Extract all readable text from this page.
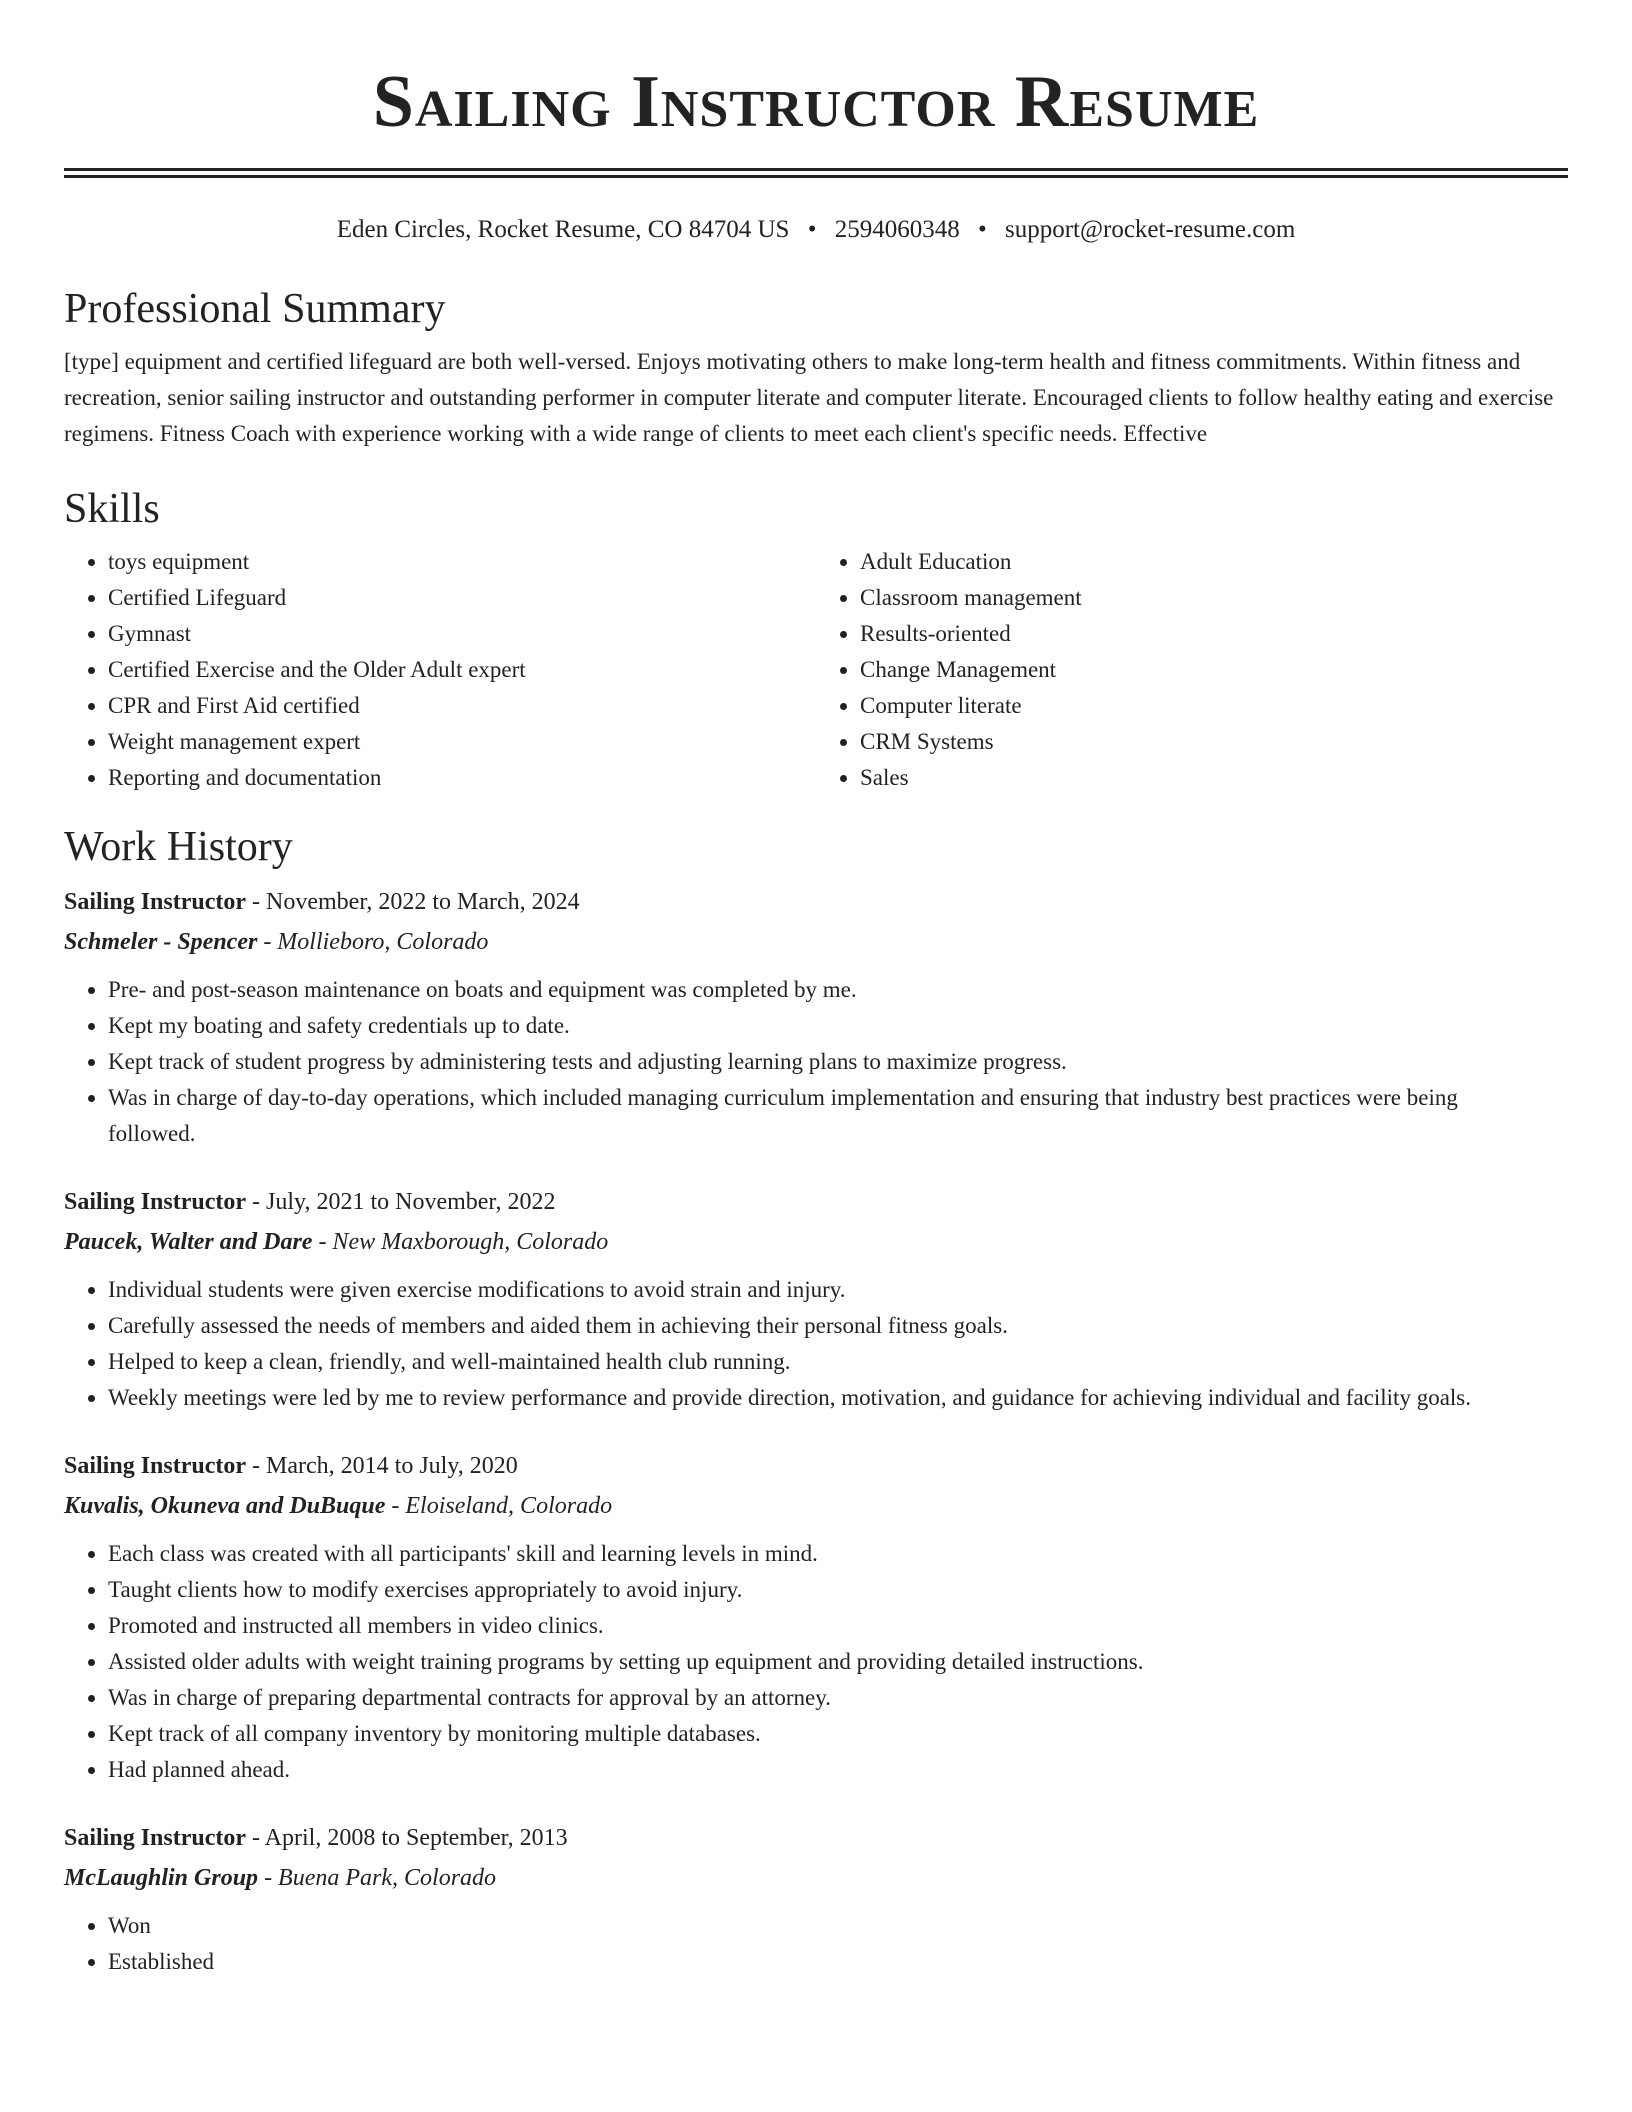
Sailing Instructor Resume
Eden Circles, Rocket Resume, CO 84704 US • 2594060348 • support@rocket-resume.com
Professional Summary

[type] equipment and certified lifeguard are both well-versed. Enjoys motivating others to make long-term health and fitness commitments. Within fitness and recreation, senior sailing instructor and outstanding performer in computer literate and computer literate. Encouraged clients to follow healthy eating and exercise regimens. Fitness Coach with experience working with a wide range of clients to meet each client's specific needs. Effective

Skills
• toys equipment
• Certified Lifeguard
• Gymnast
• Certified Exercise and the Older Adult expert
• CPR and First Aid certified
• Weight management expert
• Reporting and documentation
• Adult Education
• Classroom management
• Results-oriented
• Change Management
• Computer literate
• CRM Systems
• Sales
Work History
Sailing Instructor - November, 2022 to March, 2024
Schmeler - Spencer - Mollieboro, Colorado
• Pre- and post-season maintenance on boats and equipment was completed by me.
• Kept my boating and safety credentials up to date.
• Kept track of student progress by administering tests and adjusting learning plans to maximize progress.
• Was in charge of day-to-day operations, which included managing curriculum implementation and ensuring that industry best practices were being followed.
Sailing Instructor - July, 2021 to November, 2022
Paucek, Walter and Dare - New Maxborough, Colorado
• Individual students were given exercise modifications to avoid strain and injury.
• Carefully assessed the needs of members and aided them in achieving their personal fitness goals.
• Helped to keep a clean, friendly, and well-maintained health club running.
• Weekly meetings were led by me to review performance and provide direction, motivation, and guidance for achieving individual and facility goals.
Sailing Instructor - March, 2014 to July, 2020
Kuvalis, Okuneva and DuBuque - Eloiseland, Colorado
• Each class was created with all participants' skill and learning levels in mind.
• Taught clients how to modify exercises appropriately to avoid injury.
• Promoted and instructed all members in video clinics.
• Assisted older adults with weight training programs by setting up equipment and providing detailed instructions.
• Was in charge of preparing departmental contracts for approval by an attorney.
• Kept track of all company inventory by monitoring multiple databases.
• Had planned ahead.
Sailing Instructor - April, 2008 to September, 2013
McLaughlin Group - Buena Park, Colorado
• Won
• Established
